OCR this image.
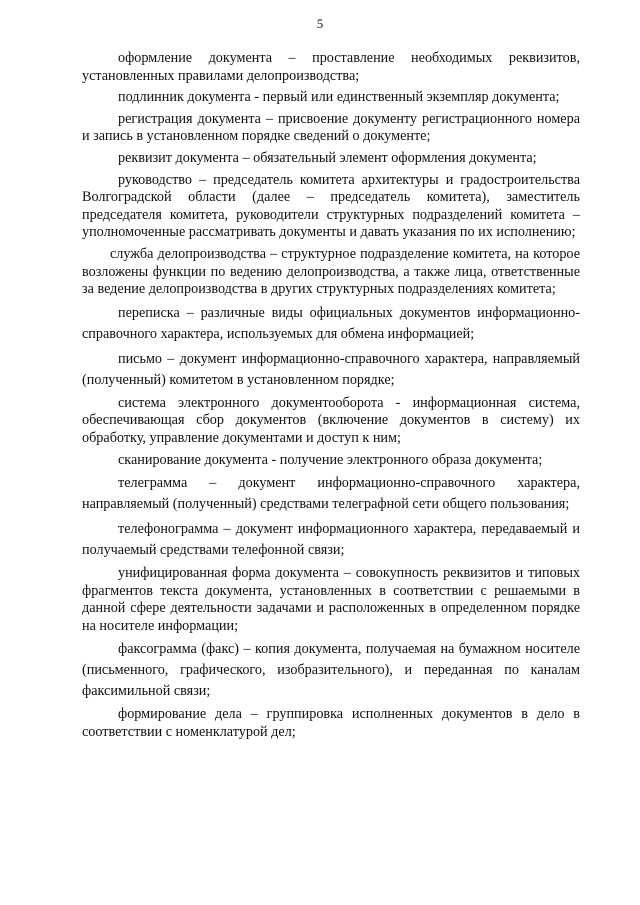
5

оформление документа – проставление необходимых реквизитов, установленных правилами делопроизводства;

подлинник документа - первый или единственный экземпляр документа;

регистрация документа – присвоение документу регистрационного номера и запись в установленном порядке сведений о документе;

реквизит документа – обязательный элемент оформления документа;

руководство – председатель комитета архитектуры и градостроительства Волгоградской области (далее – председатель комитета), заместитель председателя комитета, руководители структурных подразделений комитета – уполномоченные рассматривать документы и давать указания по их исполнению;

служба делопроизводства – структурное подразделение комитета, на которое возложены функции по ведению делопроизводства, а также лица, ответственные за ведение делопроизводства в других структурных подразделениях комитета;

переписка – различные виды официальных документов информационно-справочного характера, используемых для обмена информацией;

письмо – документ информационно-справочного характера, направляемый (полученный) комитетом в установленном порядке;

система электронного документооборота - информационная система, обеспечивающая сбор документов (включение документов в систему) их обработку, управление документами и доступ к ним;

сканирование документа - получение электронного образа документа;

телеграмма – документ информационно-справочного характера, направляемый (полученный) средствами телеграфной сети общего пользования;

телефонограмма – документ информационного характера, передаваемый и получаемый средствами телефонной связи;

унифицированная форма документа – совокупность реквизитов и типовых фрагментов текста документа, установленных в соответствии с решаемыми в данной сфере деятельности задачами и расположенных в определенном порядке на носителе информации;

факсограмма (факс) – копия документа, получаемая на бумажном носителе (письменного, графического, изобразительного), и переданная по каналам факсимильной связи;

формирование дела – группировка исполненных документов в дело в соответствии с номенклатурой дел;
